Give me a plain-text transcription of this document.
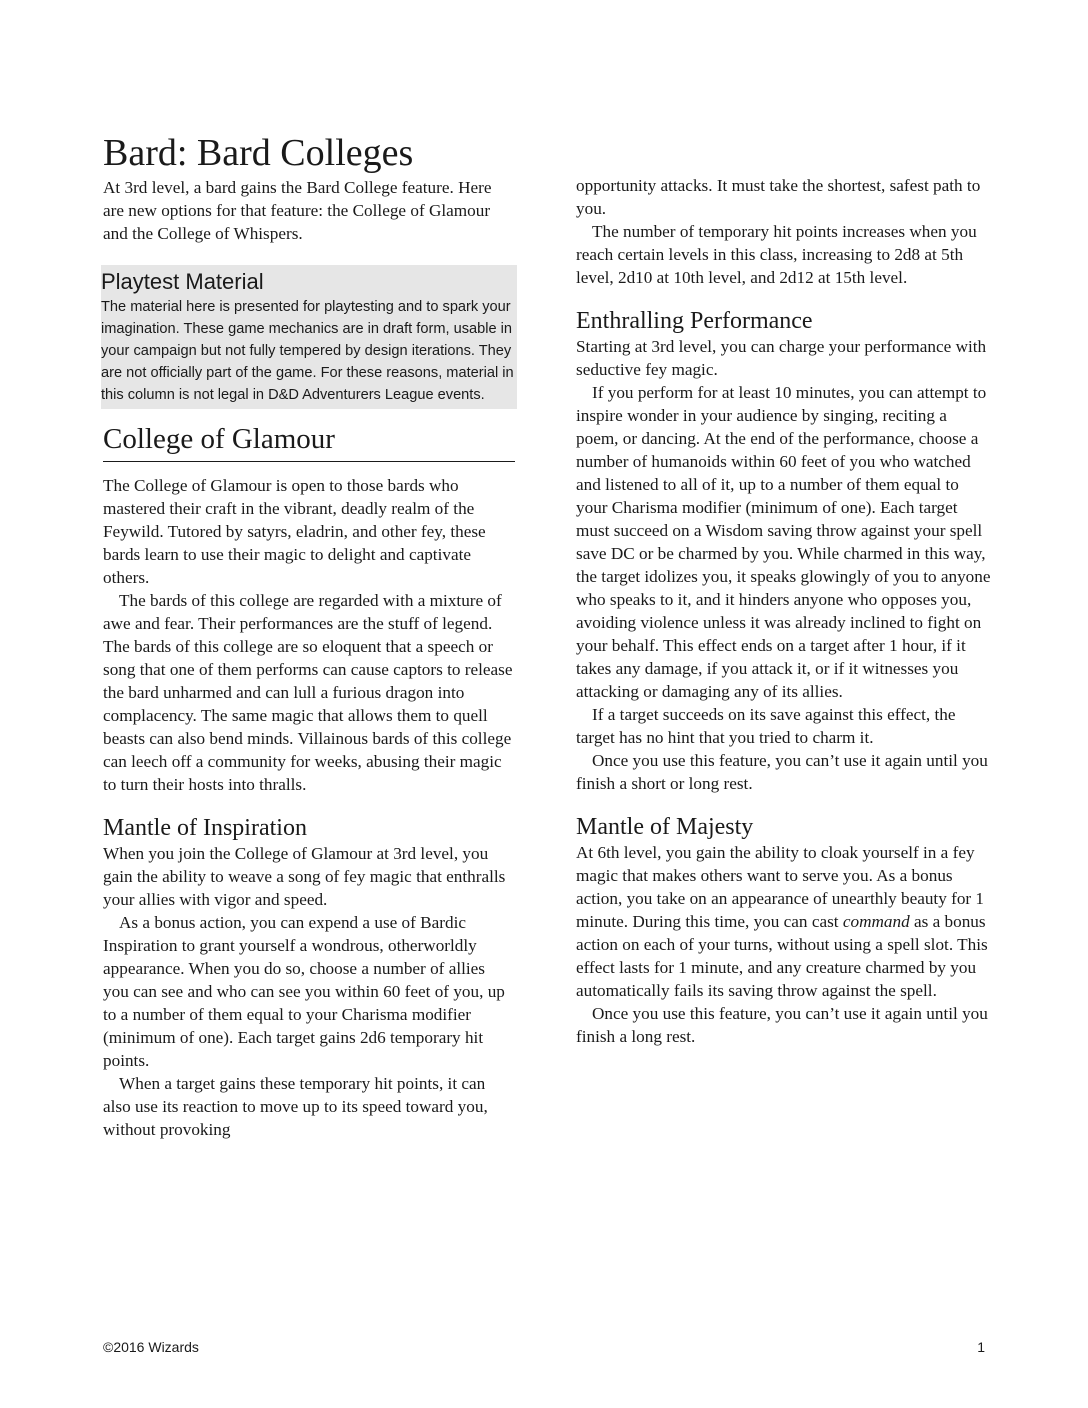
Bard: Bard Colleges

At 3rd level, a bard gains the Bard College feature. Here are new options for that feature: the College of Glamour and the College of Whispers.

Playtest Material

The material here is presented for playtesting and to spark your imagination. These game mechanics are in draft form, usable in your campaign but not fully tempered by design iterations. They are not officially part of the game. For these reasons, material in this column is not legal in D&D Adventurers League events.

College of Glamour

The College of Glamour is open to those bards who mastered their craft in the vibrant, deadly realm of the Feywild. Tutored by satyrs, eladrin, and other fey, these bards learn to use their magic to delight and captivate others.

The bards of this college are regarded with a mixture of awe and fear. Their performances are the stuff of legend. The bards of this college are so eloquent that a speech or song that one of them performs can cause captors to release the bard unharmed and can lull a furious dragon into complacency. The same magic that allows them to quell beasts can also bend minds. Villainous bards of this college can leech off a community for weeks, abusing their magic to turn their hosts into thralls.

Mantle of Inspiration

When you join the College of Glamour at 3rd level, you gain the ability to weave a song of fey magic that enthralls your allies with vigor and speed.

As a bonus action, you can expend a use of Bardic Inspiration to grant yourself a wondrous, otherworldly appearance. When you do so, choose a number of allies you can see and who can see you within 60 feet of you, up to a number of them equal to your Charisma modifier (minimum of one). Each target gains 2d6 temporary hit points.

When a target gains these temporary hit points, it can also use its reaction to move up to its speed toward you, without provoking

opportunity attacks. It must take the shortest, safest path to you.

The number of temporary hit points increases when you reach certain levels in this class, increasing to 2d8 at 5th level, 2d10 at 10th level, and 2d12 at 15th level.

Enthralling Performance

Starting at 3rd level, you can charge your performance with seductive fey magic.

If you perform for at least 10 minutes, you can attempt to inspire wonder in your audience by singing, reciting a poem, or dancing. At the end of the performance, choose a number of humanoids within 60 feet of you who watched and listened to all of it, up to a number of them equal to your Charisma modifier (minimum of one). Each target must succeed on a Wisdom saving throw against your spell save DC or be charmed by you. While charmed in this way, the target idolizes you, it speaks glowingly of you to anyone who speaks to it, and it hinders anyone who opposes you, avoiding violence unless it was already inclined to fight on your behalf. This effect ends on a target after 1 hour, if it takes any damage, if you attack it, or if it witnesses you attacking or damaging any of its allies.

If a target succeeds on its save against this effect, the target has no hint that you tried to charm it.

Once you use this feature, you can’t use it again until you finish a short or long rest.

Mantle of Majesty

At 6th level, you gain the ability to cloak yourself in a fey magic that makes others want to serve you. As a bonus action, you take on an appearance of unearthly beauty for 1 minute. During this time, you can cast command as a bonus action on each of your turns, without using a spell slot. This effect lasts for 1 minute, and any creature charmed by you automatically fails its saving throw against the spell.

Once you use this feature, you can’t use it again until you finish a long rest.

©2016 Wizards	1
